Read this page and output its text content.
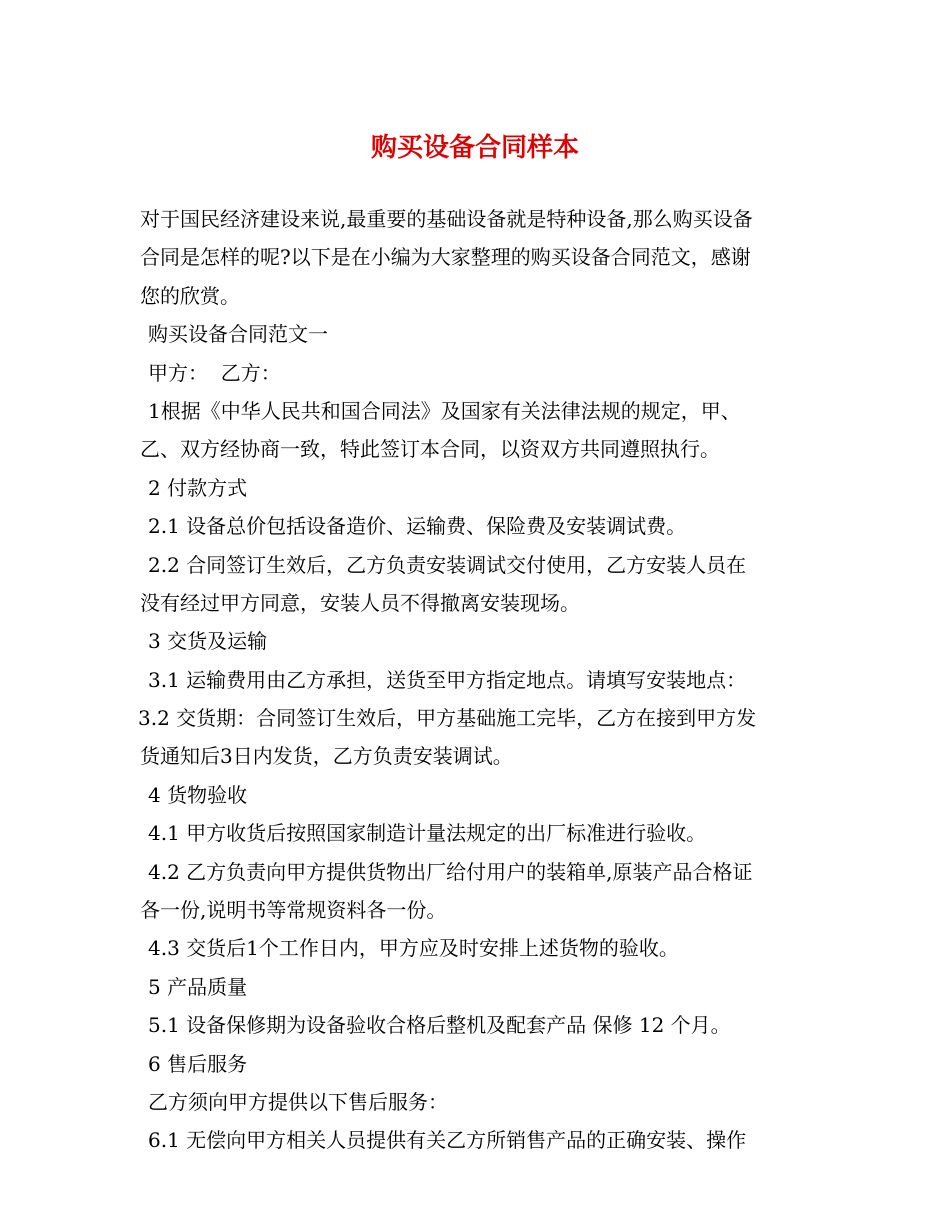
购买设备合同样本
对于国民经济建设来说,最重要的基础设备就是特种设备,那么购买设备
合同是怎样的呢?以下是在小编为大家整理的购买设备合同范文，感谢
您的欣赏。
购买设备合同范文一
甲方：  乙方：
1根据《中华人民共和国合同法》及国家有关法律法规的规定，甲、
乙、双方经协商一致，特此签订本合同，以资双方共同遵照执行。
2 付款方式
2.1 设备总价包括设备造价、运输费、保险费及安装调试费。
2.2 合同签订生效后，乙方负责安装调试交付使用，乙方安装人员在
没有经过甲方同意，安装人员不得撤离安装现场。
3 交货及运输
3.1 运输费用由乙方承担，送货至甲方指定地点。请填写安装地点：
3.2 交货期：合同签订生效后，甲方基础施工完毕，乙方在接到甲方发
货通知后3日内发货，乙方负责安装调试。
4 货物验收
4.1 甲方收货后按照国家制造计量法规定的出厂标准进行验收。
4.2 乙方负责向甲方提供货物出厂给付用户的装箱单,原装产品合格证
各一份,说明书等常规资料各一份。
4.3 交货后1个工作日内，甲方应及时安排上述货物的验收。
5 产品质量
5.1 设备保修期为设备验收合格后整机及配套产品 保修 12 个月。
6 售后服务
乙方须向甲方提供以下售后服务：
6.1 无偿向甲方相关人员提供有关乙方所销售产品的正确安装、操作
